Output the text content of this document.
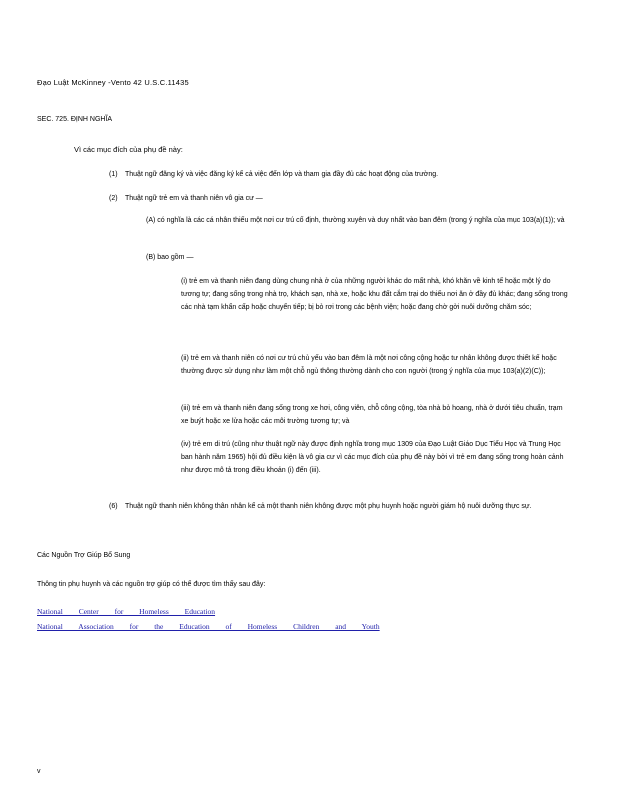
Đạo Luật McKinney -Vento 42 U.S.C.11435

SEC. 725. ĐỊNH NGHĨA

Vì các mục đích của phụ đề này:

(1) Thuật ngữ đăng ký và việc đăng ký kể cả việc đến lớp và tham gia đầy đủ các hoạt động của trường.
(2) Thuật ngữ trẻ em và thanh niên vô gia cư —
(A) có nghĩa là các cá nhân thiếu một nơi cư trú cố định, thường xuyên và duy nhất vào ban đêm (trong ý nghĩa của mục 103(a)(1)); và
(B) bao gồm —
(i) trẻ em và thanh niên đang dùng chung nhà ở của những người khác do mất nhà, khó khăn về kinh tế hoặc một lý do tương tự; đang sống trong nhà trọ, khách sạn, nhà xe, hoặc khu đất cắm trại do thiếu nơi ăn ở đầy đủ khác; đang sống trong các nhà tạm khẩn cấp hoặc chuyển tiếp; bị bỏ rơi trong các bệnh viện; hoặc đang chờ gởi nuôi dưỡng chăm sóc;
(ii) trẻ em và thanh niên có nơi cư trú chủ yếu vào ban đêm là một nơi công cộng hoặc tư nhân không được thiết kế hoặc thường được sử dụng như làm một chỗ ngủ thông thường dành cho con người (trong ý nghĩa của mục 103(a)(2)(C));
(iii) trẻ em và thanh niên đang sống trong xe hơi, công viên, chỗ công cộng, tòa nhà bỏ hoang, nhà ở dưới tiêu chuẩn, trạm xe buýt hoặc xe lửa hoặc các môi trường tương tự; và
(iv) trẻ em di trú (cũng như thuật ngữ này được định nghĩa trong mục 1309 của Đạo Luật Giáo Dục Tiểu Học và Trung Học ban hành năm 1965) hội đủ điều kiện là vô gia cư vì các mục đích của phụ đề này bởi vì trẻ em đang sống trong hoàn cảnh như được mô tả trong điều khoản (i) đến (iii).
(6) Thuật ngữ thanh niên không thân nhân kể cả một thanh niên không được một phụ huynh hoặc người giám hộ nuôi dưỡng thực sự.

Các Nguồn Trợ Giúp Bổ Sung

Thông tin phụ huynh và các nguồn trợ giúp có thể được tìm thấy sau đây:

National Center for Homeless Education
National Association for the Education of Homeless Children and Youth

v
